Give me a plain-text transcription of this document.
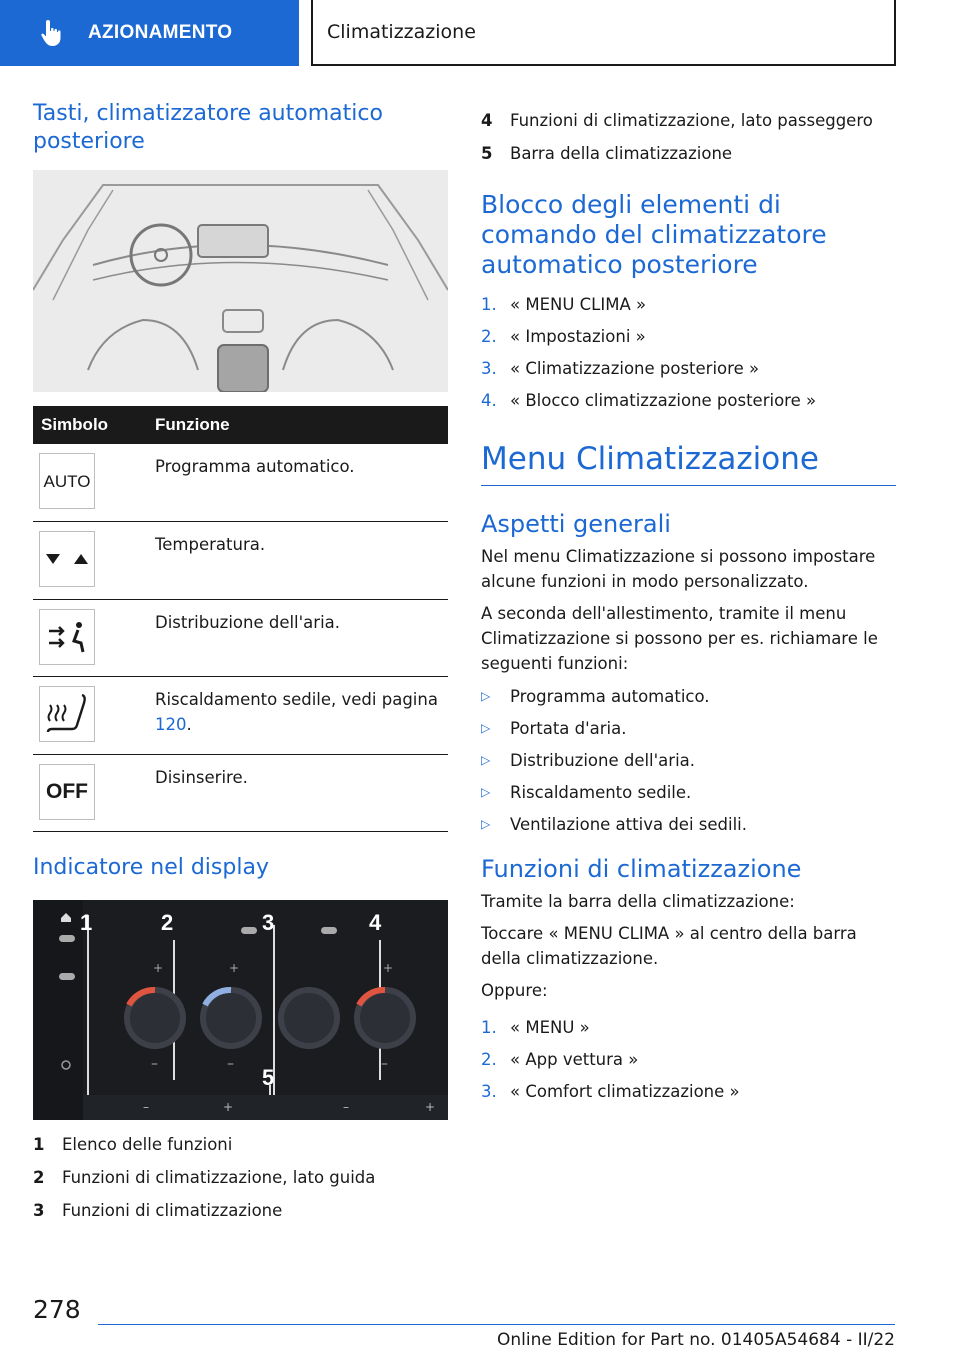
AZIONAMENTO	Climatizzazione
Tasti, climatizzatore automatico posteriore
Simbolo	Funzione

AUTO	Programma automatico.

	Temperatura.

	Distribuzione dell'aria.

	Riscaldamento sedile, vedi pagina 120.

OFF	Disinserire.
Indicatore nel display
+	+	+
–	–	–
–	+	–	+
1	2	3	4
5
1	Elenco delle funzioni
2	Funzioni di climatizzazione, lato guida
3	Funzioni di climatizzazione
4	Funzioni di climatizzazione, lato passeggero
5	Barra della climatizzazione
Blocco degli elementi di comando del climatizzatore automatico posteriore
1. « MENU CLIMA »
2. « Impostazioni »
3. « Climatizzazione posteriore »
4. « Blocco climatizzazione posteriore »
Menu Climatizzazione
Aspetti generali

Nel menu Climatizzazione si possono impostare alcune funzioni in modo personalizzato.

A seconda dell'allestimento, tramite il menu Climatizzazione si possono per es. richiamare le seguenti funzioni:

▷	Programma automatico.
▷	Portata d'aria.
▷	Distribuzione dell'aria.
▷	Riscaldamento sedile.
▷	Ventilazione attiva dei sedili.
Funzioni di climatizzazione

Tramite la barra della climatizzazione:

Toccare « MENU CLIMA » al centro della barra della climatizzazione.

Oppure:

1. « MENU »
2. « App vettura »
3. « Comfort climatizzazione »
278
Online Edition for Part no. 01405A54684 - II/22
